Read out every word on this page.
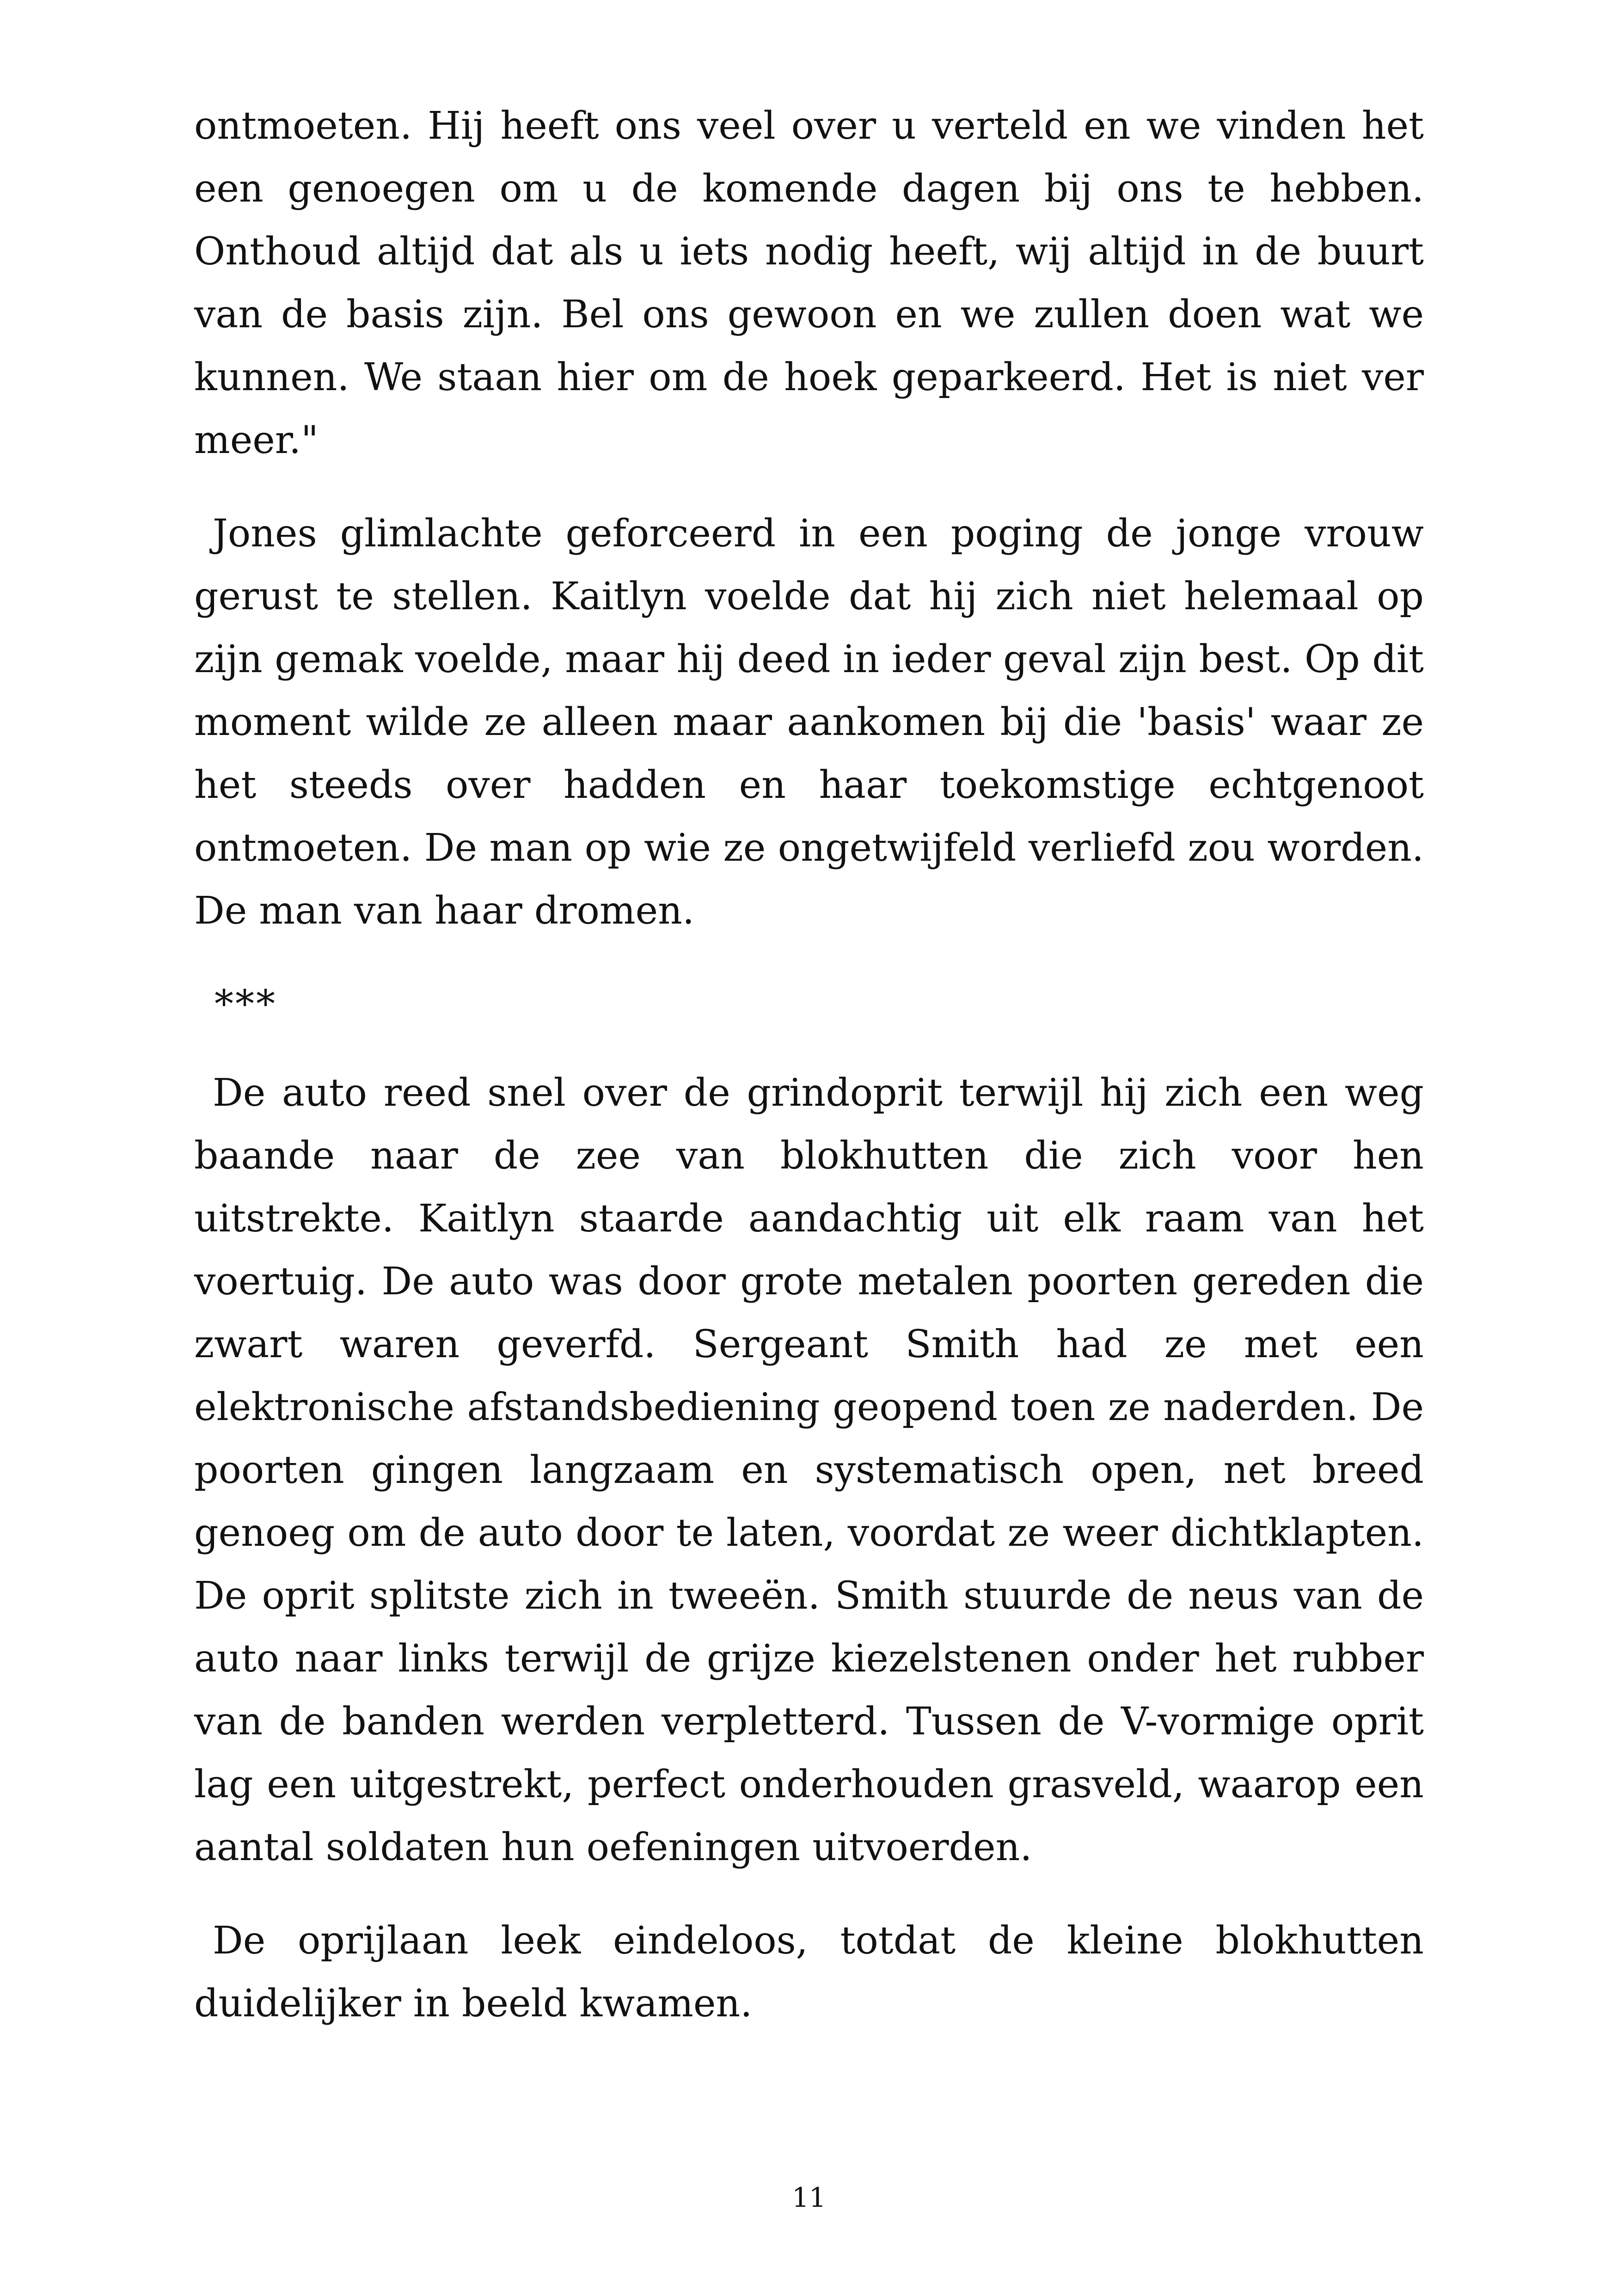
ontmoeten. Hij heeft ons veel over u verteld en we vinden het een genoegen om u de komende dagen bij ons te hebben. Onthoud altijd dat als u iets nodig heeft, wij altijd in de buurt van de basis zijn. Bel ons gewoon en we zullen doen wat we kunnen. We staan hier om de hoek geparkeerd. Het is niet ver meer."

Jones glimlachte geforceerd in een poging de jonge vrouw gerust te stellen. Kaitlyn voelde dat hij zich niet helemaal op zijn gemak voelde, maar hij deed in ieder geval zijn best. Op dit moment wilde ze alleen maar aankomen bij die 'basis' waar ze het steeds over hadden en haar toekomstige echtgenoot ontmoeten. De man op wie ze ongetwijfeld verliefd zou worden. De man van haar dromen.

***

De auto reed snel over de grindoprit terwijl hij zich een weg baande naar de zee van blokhutten die zich voor hen uitstrekte. Kaitlyn staarde aandachtig uit elk raam van het voertuig. De auto was door grote metalen poorten gereden die zwart waren geverfd. Sergeant Smith had ze met een elektronische afstandsbediening geopend toen ze naderden. De poorten gingen langzaam en systematisch open, net breed genoeg om de auto door te laten, voordat ze weer dichtklapten. De oprit splitste zich in tweeën. Smith stuurde de neus van de auto naar links terwijl de grijze kiezelstenen onder het rubber van de banden werden verpletterd. Tussen de V-vormige oprit lag een uitgestrekt, perfect onderhouden grasveld, waarop een aantal soldaten hun oefeningen uitvoerden.

De oprijlaan leek eindeloos, totdat de kleine blokhutten duidelijker in beeld kwamen.

11
